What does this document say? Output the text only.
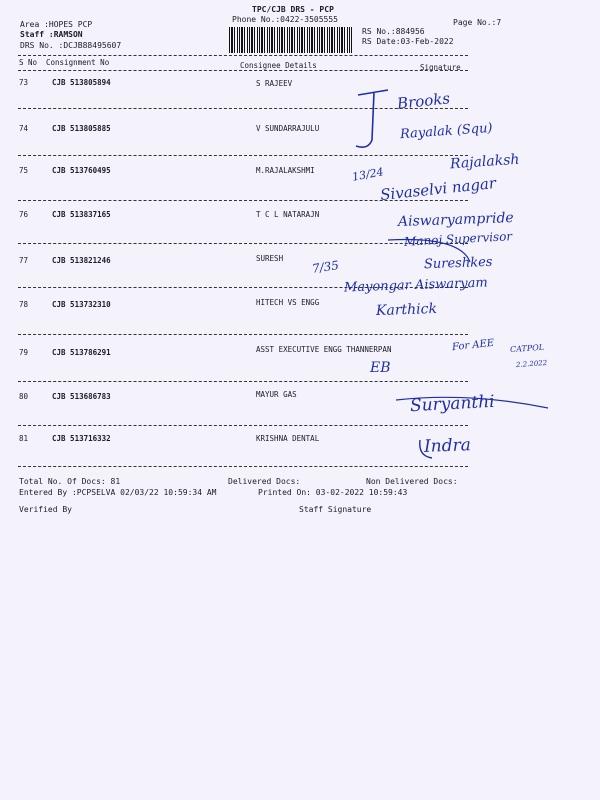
TPC/CJB DRS - PCP
Phone No.:0422-3505555
Area :HOPES PCP
Staff :RAMSON
DRS No. :DCJB88495607
RS No.:884956
RS Date:03-Feb-2022
Page No.:7
S No Consignment No	Consignee Details	Signature
73	CJB 513805894	S RAJEEV
74	CJB 513805885	V SUNDARRAJULU
75	CJB 513760495	M.RAJALAKSHMI
76	CJB 513837165	T C L NATARAJN
77	CJB 513821246	SURESH
78	CJB 513732310	HITECH VS ENGG
79	CJB 513786291	ASST EXECUTIVE ENGG THANNERPAN
80	CJB 513686783	MAYUR GAS
81	CJB 513716332	KRISHNA DENTAL
Brooks
Rayalak (Squ)
Rajalaksh
13/24
Sivaselvi nagar
Aiswaryampride
Manoj Supervisor
7/35	Sureshkes
Mayongar Aiswaryam
Karthick
For AEE CATPOL
2.2.2022
EB
Suryanthi
Indra
Total No. Of Docs: 81	Delivered Docs:	Non Delivered Docs:
Entered By :PCPSELVA 02/03/22 10:59:34 AM	Printed On: 03-02-2022 10:59:43
Verified By	Staff Signature
